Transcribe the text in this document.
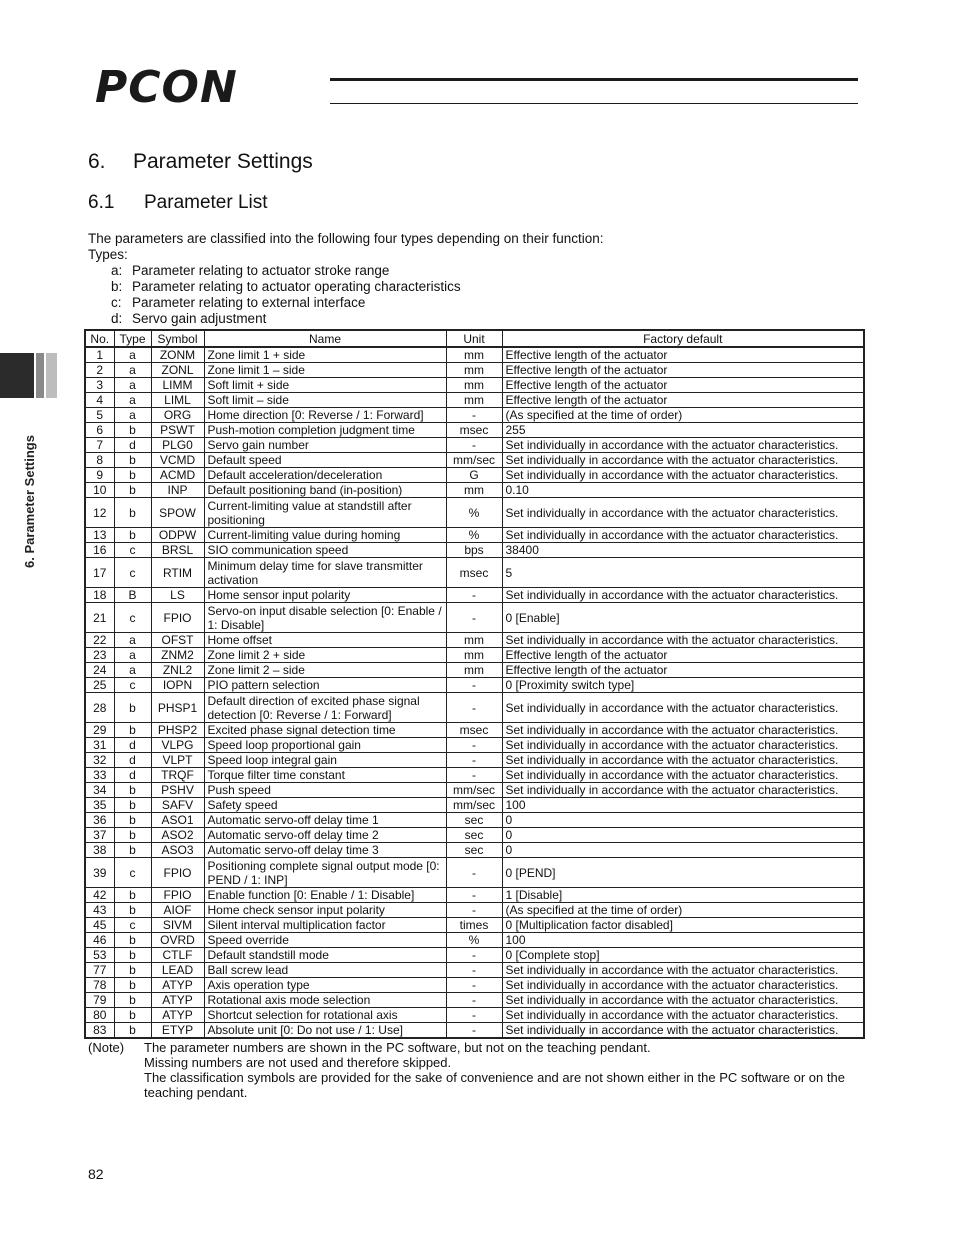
PCON
6. Parameter Settings
6.1 Parameter List
The parameters are classified into the following four types depending on their function:
Types:
a: Parameter relating to actuator stroke range
b: Parameter relating to actuator operating characteristics
c: Parameter relating to external interface
d: Servo gain adjustment
6. Parameter Settings
No.	Type	Symbol	Name	Unit	Factory default
1	a	ZONM	Zone limit 1 + side	mm	Effective length of the actuator
2	a	ZONL	Zone limit 1 – side	mm	Effective length of the actuator
3	a	LIMM	Soft limit + side	mm	Effective length of the actuator
4	a	LIML	Soft limit – side	mm	Effective length of the actuator
5	a	ORG	Home direction [0: Reverse / 1: Forward]	-	(As specified at the time of order)
6	b	PSWT	Push-motion completion judgment time	msec	255
7	d	PLG0	Servo gain number	-	Set individually in accordance with the actuator characteristics.
8	b	VCMD	Default speed	mm/sec	Set individually in accordance with the actuator characteristics.
9	b	ACMD	Default acceleration/deceleration	G	Set individually in accordance with the actuator characteristics.
10	b	INP	Default positioning band (in-position)	mm	0.10
12	b	SPOW	Current-limiting value at standstill after positioning	%	Set individually in accordance with the actuator characteristics.
13	b	ODPW	Current-limiting value during homing	%	Set individually in accordance with the actuator characteristics.
16	c	BRSL	SIO communication speed	bps	38400
17	c	RTIM	Minimum delay time for slave transmitter activation	msec	5
18	B	LS	Home sensor input polarity	-	Set individually in accordance with the actuator characteristics.
21	c	FPIO	Servo-on input disable selection [0: Enable / 1: Disable]	-	0 [Enable]
22	a	OFST	Home offset	mm	Set individually in accordance with the actuator characteristics.
23	a	ZNM2	Zone limit 2 + side	mm	Effective length of the actuator
24	a	ZNL2	Zone limit 2 – side	mm	Effective length of the actuator
25	c	IOPN	PIO pattern selection	-	0 [Proximity switch type]
28	b	PHSP1	Default direction of excited phase signal detection [0: Reverse / 1: Forward]	-	Set individually in accordance with the actuator characteristics.
29	b	PHSP2	Excited phase signal detection time	msec	Set individually in accordance with the actuator characteristics.
31	d	VLPG	Speed loop proportional gain	-	Set individually in accordance with the actuator characteristics.
32	d	VLPT	Speed loop integral gain	-	Set individually in accordance with the actuator characteristics.
33	d	TRQF	Torque filter time constant	-	Set individually in accordance with the actuator characteristics.
34	b	PSHV	Push speed	mm/sec	Set individually in accordance with the actuator characteristics.
35	b	SAFV	Safety speed	mm/sec	100
36	b	ASO1	Automatic servo-off delay time 1	sec	0
37	b	ASO2	Automatic servo-off delay time 2	sec	0
38	b	ASO3	Automatic servo-off delay time 3	sec	0
39	c	FPIO	Positioning complete signal output mode [0: PEND / 1: INP]	-	0 [PEND]
42	b	FPIO	Enable function [0: Enable / 1: Disable]	-	1 [Disable]
43	b	AIOF	Home check sensor input polarity	-	(As specified at the time of order)
45	c	SIVM	Silent interval multiplication factor	times	0 [Multiplication factor disabled]
46	b	OVRD	Speed override	%	100
53	b	CTLF	Default standstill mode	-	0 [Complete stop]
77	b	LEAD	Ball screw lead	-	Set individually in accordance with the actuator characteristics.
78	b	ATYP	Axis operation type	-	Set individually in accordance with the actuator characteristics.
79	b	ATYP	Rotational axis mode selection	-	Set individually in accordance with the actuator characteristics.
80	b	ATYP	Shortcut selection for rotational axis	-	Set individually in accordance with the actuator characteristics.
83	b	ETYP	Absolute unit [0: Do not use / 1: Use]	-	Set individually in accordance with the actuator characteristics.
(Note) The parameter numbers are shown in the PC software, but not on the teaching pendant.
Missing numbers are not used and therefore skipped.
The classification symbols are provided for the sake of convenience and are not shown either in the PC software or on the teaching pendant.
82
